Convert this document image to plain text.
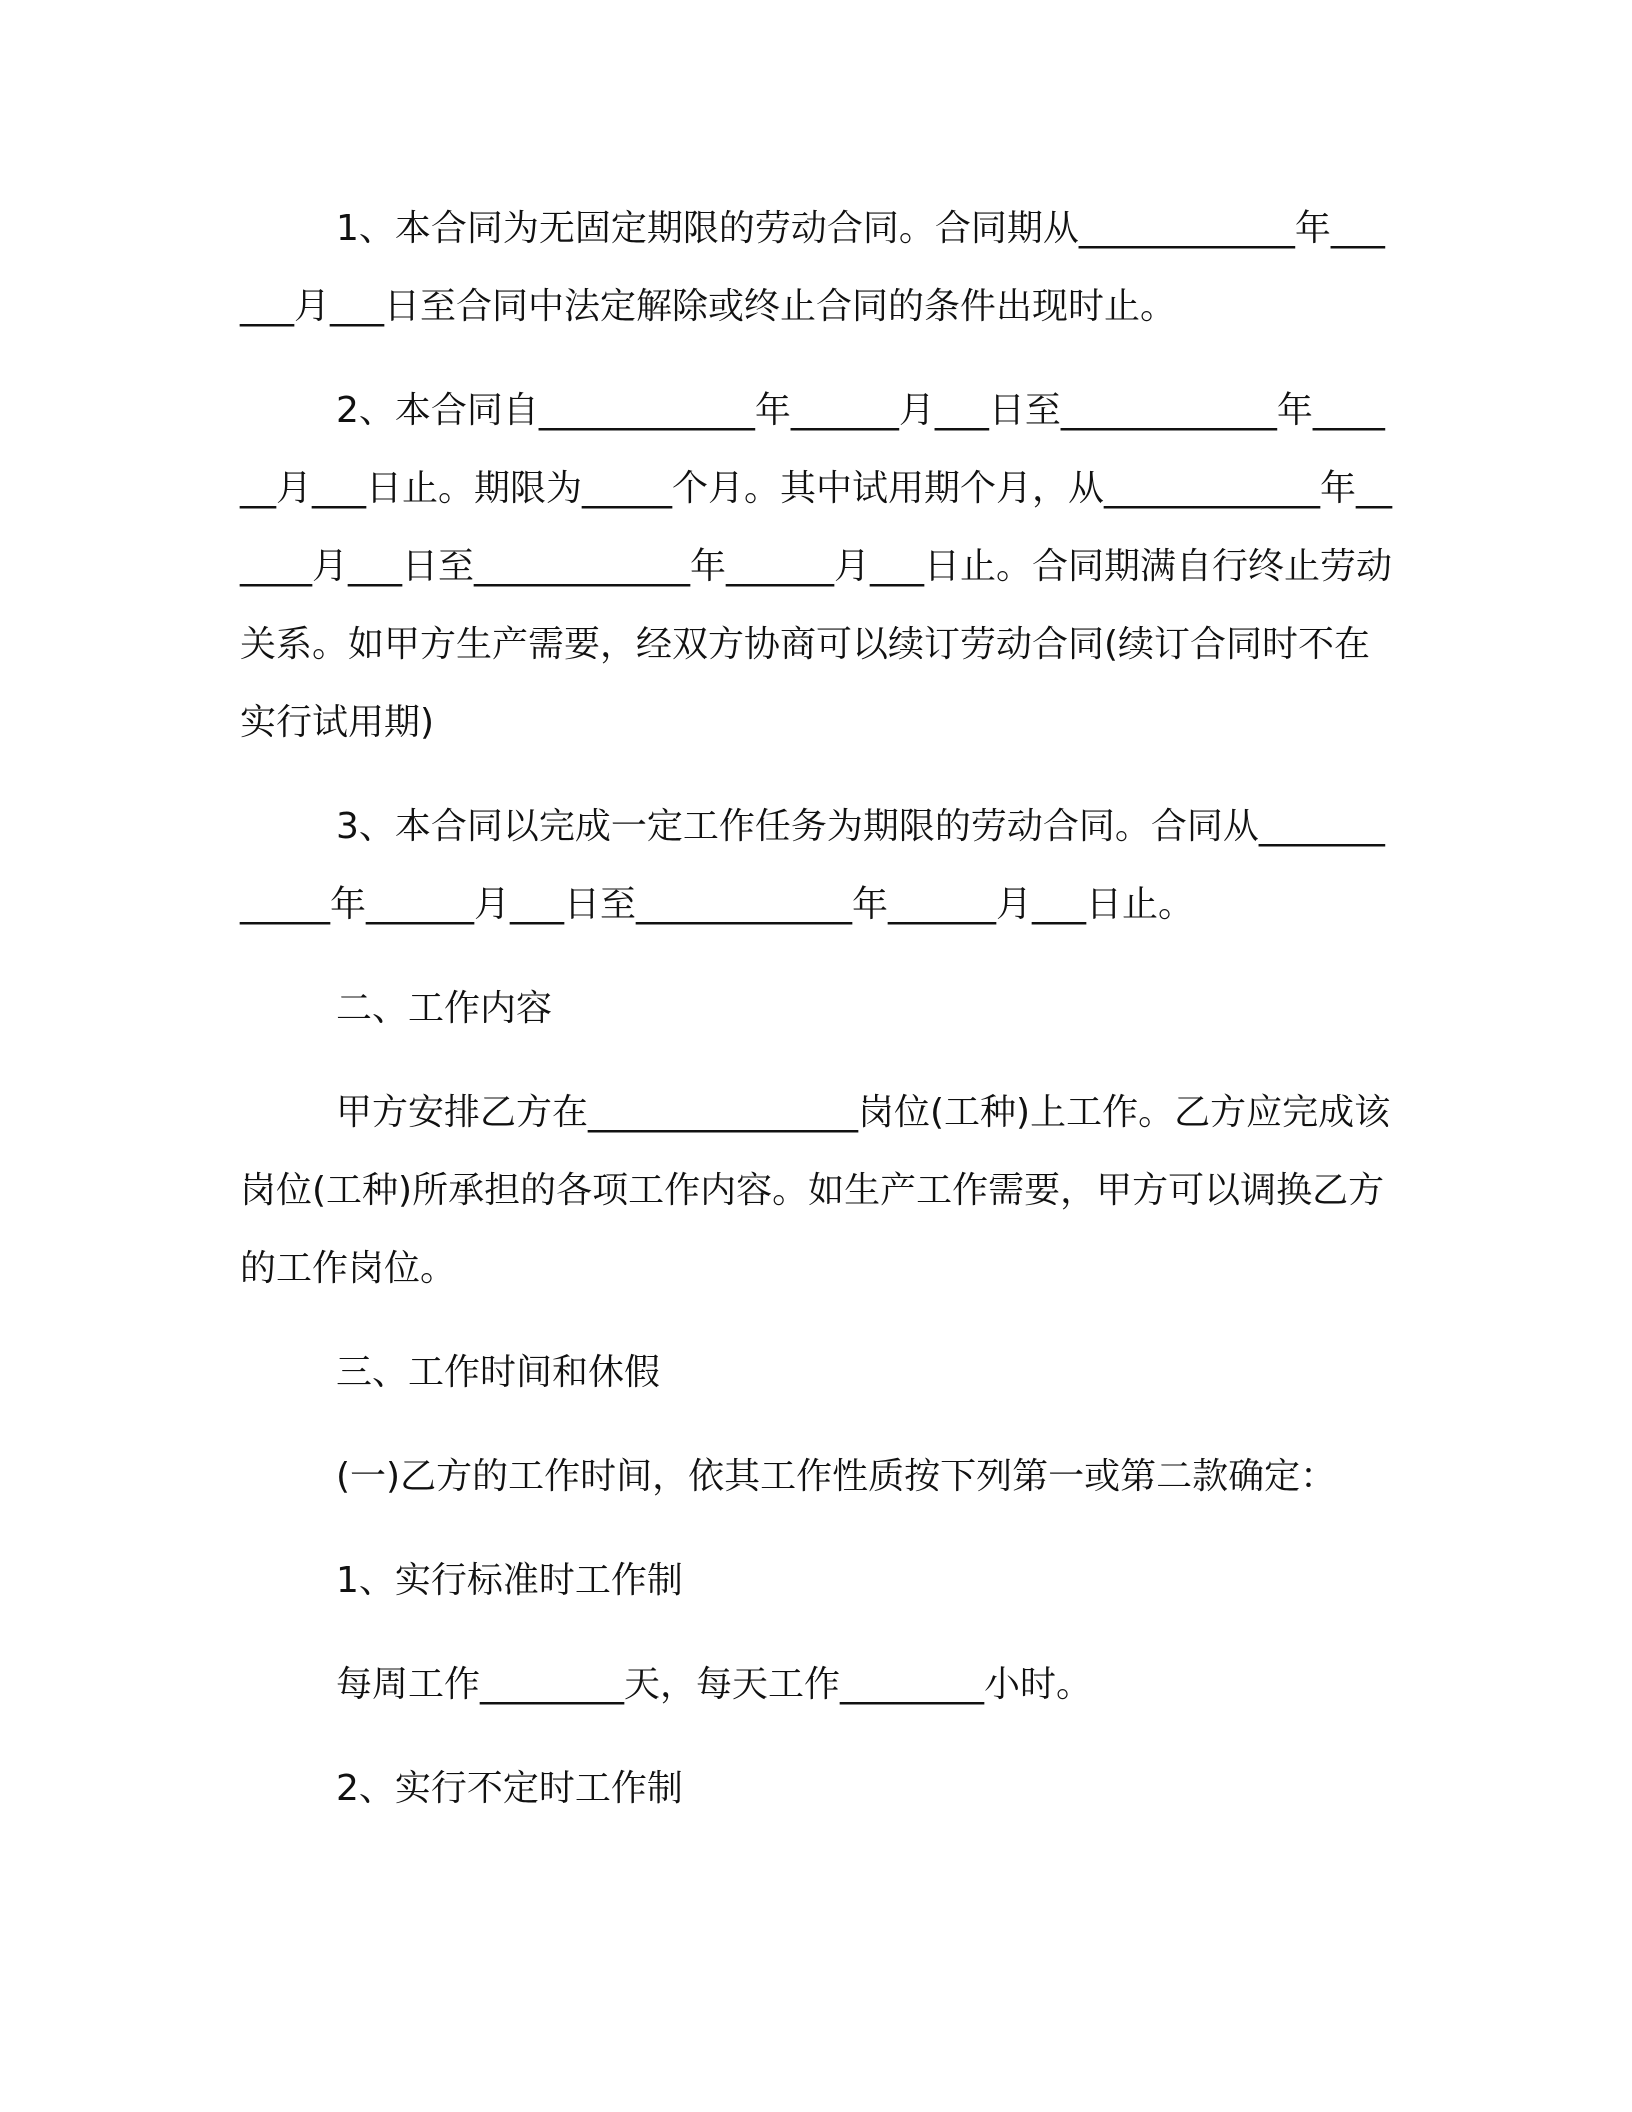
1、本合同为无固定期限的劳动合同。合同期从____________年______月___日至合同中法定解除或终止合同的条件出现时止。

2、本合同自____________年______月___日至____________年______月___日止。期限为_____个月。其中试用期个月，从____________年______月___日至____________年______月___日止。合同期满自行终止劳动关系。如甲方生产需要，经双方协商可以续订劳动合同(续订合同时不在实行试用期)

3、本合同以完成一定工作任务为期限的劳动合同。合同从____________年______月___日至____________年______月___日止。

二、工作内容

甲方安排乙方在_______________岗位(工种)上工作。乙方应完成该岗位(工种)所承担的各项工作内容。如生产工作需要，甲方可以调换乙方的工作岗位。

三、工作时间和休假

(一)乙方的工作时间，依其工作性质按下列第一或第二款确定：

1、实行标准时工作制

每周工作________天，每天工作________小时。

2、实行不定时工作制
